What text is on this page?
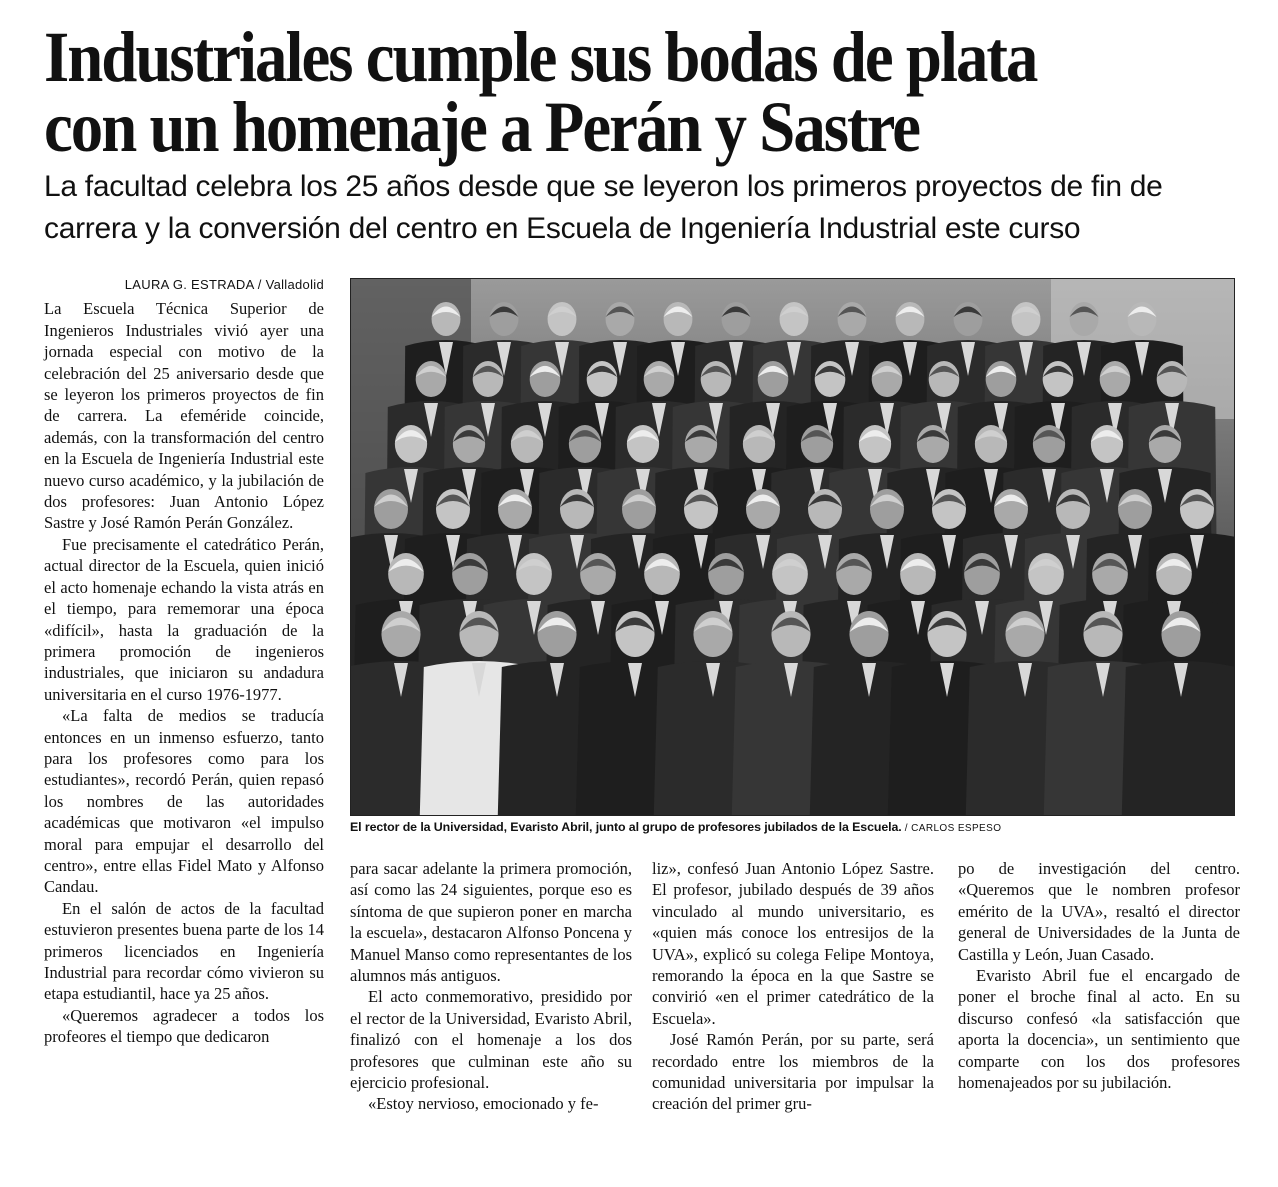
Industriales cumple sus bodas de plata con un homenaje a Perán y Sastre
La facultad celebra los 25 años desde que se leyeron los primeros proyectos de fin de carrera y la conversión del centro en Escuela de Ingeniería Industrial este curso
LAURA G. ESTRADA / Valladolid

La Escuela Técnica Superior de Ingenieros Industriales vivió ayer una jornada especial con motivo de la celebración del 25 aniversario desde que se leyeron los primeros proyectos de fin de carrera. La efeméride coincide, además, con la transformación del centro en la Escuela de Ingeniería Industrial este nuevo curso académico, y la jubilación de dos profesores: Juan Antonio López Sastre y José Ramón Perán González.

Fue precisamente el catedrático Perán, actual director de la Escuela, quien inició el acto homenaje echando la vista atrás en el tiempo, para rememorar una época «difícil», hasta la graduación de la primera promoción de ingenieros industriales, que iniciaron su andadura universitaria en el curso 1976-1977.

«La falta de medios se traducía entonces en un inmenso esfuerzo, tanto para los profesores como para los estudiantes», recordó Perán, quien repasó los nombres de las autoridades académicas que motivaron «el impulso moral para empujar el desarrollo del centro», entre ellas Fidel Mato y Alfonso Candau.

En el salón de actos de la facultad estuvieron presentes buena parte de los 14 primeros licenciados en Ingeniería Industrial para recordar cómo vivieron su etapa estudiantil, hace ya 25 años.

«Queremos agradecer a todos los profeores el tiempo que dedicaron

El rector de la Universidad, Evaristo Abril, junto al grupo de profesores jubilados de la Escuela. / CARLOS ESPESO

para sacar adelante la primera promoción, así como las 24 siguientes, porque eso es síntoma de que supieron poner en marcha la escuela», destacaron Alfonso Poncena y Manuel Manso como representantes de los alumnos más antiguos.

El acto conmemorativo, presidido por el rector de la Universidad, Evaristo Abril, finalizó con el homenaje a los dos profesores que culminan este año su ejercicio profesional.

«Estoy nervioso, emocionado y fe-

liz», confesó Juan Antonio López Sastre. El profesor, jubilado después de 39 años vinculado al mundo universitario, es «quien más conoce los entresijos de la UVA», explicó su colega Felipe Montoya, remorando la época en la que Sastre se convirió «en el primer catedrático de la Escuela».

José Ramón Perán, por su parte, será recordado entre los miembros de la comunidad universitaria por impulsar la creación del primer gru-

po de investigación del centro. «Queremos que le nombren profesor emérito de la UVA», resaltó el director general de Universidades de la Junta de Castilla y León, Juan Casado.

Evaristo Abril fue el encargado de poner el broche final al acto. En su discurso confesó «la satisfacción que aporta la docencia», un sentimiento que comparte con los dos profesores homenajeados por su jubilación.
